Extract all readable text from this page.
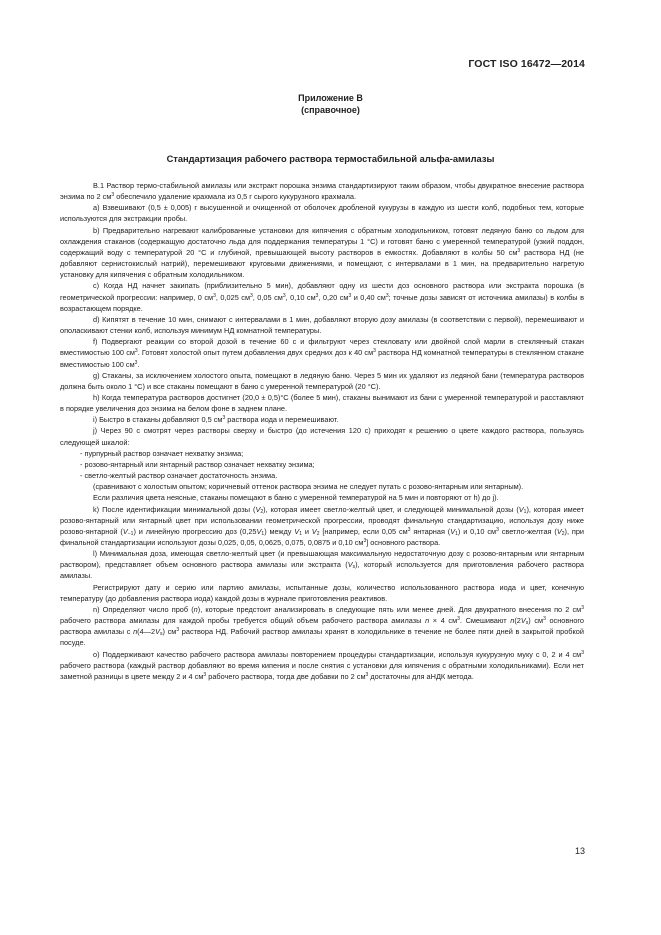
ГОСТ ISO 16472—2014
Приложение В
(справочное)
Стандартизация рабочего раствора термостабильной альфа-амилазы

В.1 Раствор термо-стабильной амилазы или экстракт порошка энзима стандартизируют таким образом, чтобы двукратное внесение раствора энзима по 2 $см^3$ обеспечило удаление крахмала из 0,5 г сырого кукурузного крахмала.

а) Взвешивают (0,5 ± 0,005) г высушенной и очищенной от оболочек дробленой кукурузы в каждую из шести колб, подобных тем, которые используются для экстракции пробы.

b) Предварительно нагревают калиброванные установки для кипячения с обратным холодильником, готовят ледяную баню со льдом для охлаждения стаканов (содержащую достаточно льда для поддержания температуры 1 °С) и готовят баню с умеренной температурой (узкий поддон, содержащий воду с температурой 20 °С и глубиной, превышающей высоту растворов в емкостях. Добавляют в колбы 50 $см^3$ раствора НД (не добавляют сернистокислый натрий), перемешивают круговыми движениями, и помещают, с интервалами в 1 мин, на предварительно нагретую установку для кипячения с обратным холодильником.

с) Когда НД начнет закипать (приблизительно 5 мин), добавляют одну из шести доз основного раствора или экстракта порошка (в геометрической прогрессии: например, 0 $см^3$, 0,025 $см^3$, 0,05 $см^3$, 0,10 $см^3$, 0,20 $см^3$ и 0,40 $см^3$; точные дозы зависят от источника амилазы) в колбы в возрастающем порядке.

d) Кипятят в течение 10 мин, снимают с интервалами в 1 мин, добавляют вторую дозу амилазы (в соответствии с первой), перемешивают и ополаскивают стенки колб, используя минимум НД комнатной температуры.

f) Подвергают реакции со второй дозой в течение 60 с и фильтруют через стекловату или двойной слой марли в стеклянный стакан вместимостью 100 $см^3$. Готовят холостой опыт путем добавления двух средних доз к 40 $см^3$ раствора НД комнатной температуры в стеклянном стакане вместимостью 100 $см^3$.

g) Стаканы, за исключением холостого опыта, помещают в ледяную баню. Через 5 мин их удаляют из ледяной бани (температура растворов должна быть около 1 °С) и все стаканы помещают в баню с умеренной температурой (20 °С).

h) Когда температура растворов достигнет (20,0 ± 0,5)°С (более 5 мин), стаканы вынимают из бани с умеренной температурой и расставляют в порядке увеличения доз энзима на белом фоне в заднем плане.

i) Быстро в стаканы добавляют 0,5 $см^3$ раствора иода и перемешивают.

j) Через 90 с смотрят через растворы сверху и быстро (до истечения 120 с) приходят к решению о цвете каждого раствора, пользуясь следующей шкалой:

- пурпурный раствор означает нехватку энзима;

- розово-янтарный или янтарный раствор означает нехватку энзима;

- светло-желтый раствор означает достаточность энзима.

(сравнивают с холостым опытом; коричневый оттенок раствора энзима не следует путать с розово-янтарным или янтарным).

Если различия цвета неясные, стаканы помещают в баню с умеренной температурой на 5 мин и повторяют от h) до j).

k) После идентификации минимальной дозы $(V_2)$, которая имеет светло-желтый цвет, и следующей минимальной дозы $(V_1)$, которая имеет розово-янтарный или янтарный цвет при использовании геометрической прогрессии, проводят финальную стандартизацию, используя дозу ниже розово-янтарной $(V_{-1})$ и линейную прогрессию доз $(0,25V_1)$ между $V_1$ и $V_2$ [например, если 0,05 $см^3$ янтарная $(V_1)$ и 0,10 $см^3$ светло-желтая $(V_2)$, при финальной стандартизации используют дозы 0,025, 0,05, 0,0625, 0,075, 0,0875 и 0,10 $см^3$] основного раствора.

l) Минимальная доза, имеющая светло-желтый цвет (и превышающая максимальную недостаточную дозу с розово-янтарным или янтарным раствором), представляет объем основного раствора амилазы или экстракта $(V_s)$, который используется для приготовления рабочего раствора амилазы.

Регистрируют дату и серию или партию амилазы, испытанные дозы, количество использованного раствора иода и цвет, конечную температуру (до добавления раствора иода) каждой дозы в журнале приготовления реактивов.

n) Определяют число проб (n), которые предстоит анализировать в следующие пять или менее дней. Для двукратного внесения по 2 $см^3$ рабочего раствора амилазы для каждой пробы требуется общий объем рабочего раствора амилазы n × 4 $см^3$. Смешивают $n(2V_s)$ $см^3$ основного раствора амилазы с $n(4—2V_s)$ $см^3$ раствора НД. Рабочий раствор амилазы хранят в холодильнике в течение не более пяти дней в закрытой пробкой посуде.

о) Поддерживают качество рабочего раствора амилазы повторением процедуры стандартизации, используя кукурузную муку с 0, 2 и 4 $см^3$ рабочего раствора (каждый раствор добавляют во время кипения и после снятия с установки для кипячения с обратными холодильниками). Если нет заметной разницы в цвете между 2 и 4 $см^3$ рабочего раствора, тогда две добавки по 2 $см^3$ достаточны для аНДК метода.

13
